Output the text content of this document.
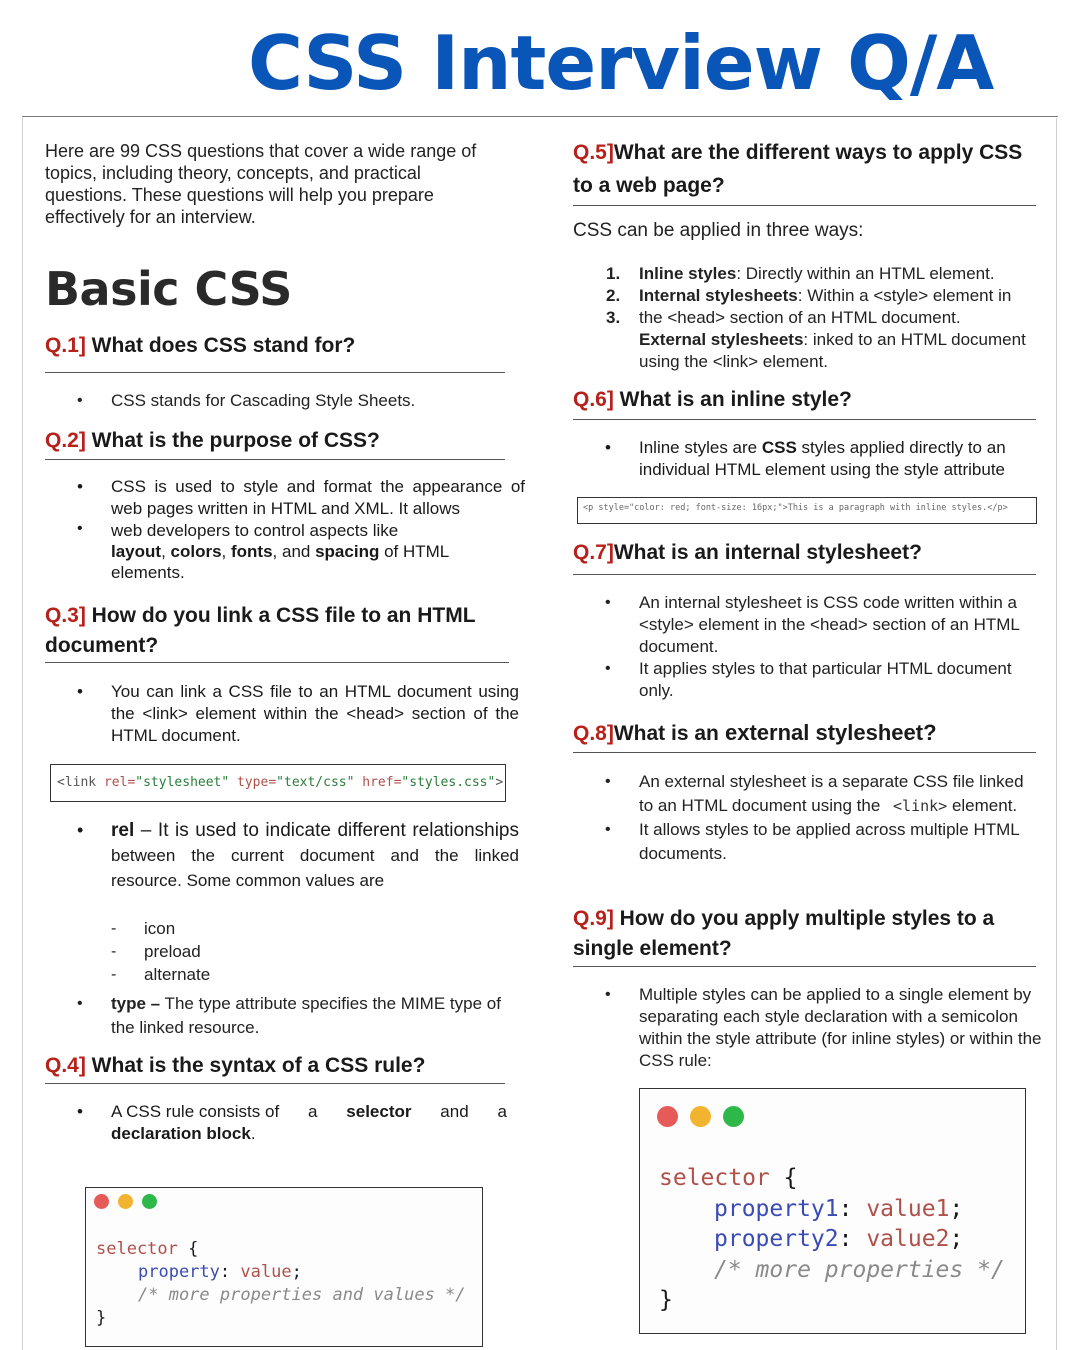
CSS Interview Q/A
Here are 99 CSS questions that cover a wide range of topics, including theory, concepts, and practical questions. These questions will help you prepare effectively for an interview.
Basic CSS
Q.1] What does CSS stand for?
• CSS stands for Cascading Style Sheets.
Q.2] What is the purpose of CSS?
• CSS is used to style and format the appearance of web pages written in HTML and XML. It allows
•	web developers to control aspects like
layout, colors, fonts, and spacing of HTML elements.
Q.3] How do you link a CSS file to an HTML document?
• You can link a CSS file to an HTML document using the <link> element within the <head> section of the HTML document.
<link rel="stylesheet" type="text/css" href="styles.css">
• rel – It is used to indicate different relationships
between the current document and the linked resource. Some common values are
- icon
- preload
- alternate
• type – The type attribute specifies the MIME type of the linked resource.
Q.4] What is the syntax of a CSS rule?
• A CSS rule consists of a selector and a
declaration block.
selector {
property: value;
/* more properties and values */
}
Q.5]What are the different ways to apply CSS to a web page?
CSS can be applied in three ways:
1. Inline styles: Directly within an HTML element.
2. Internal stylesheets: Within a <style> element in
3. the <head> section of an HTML document.
External stylesheets: inked to an HTML document using the <link> element.
Q.6] What is an inline style?
• Inline styles are CSS styles applied directly to an individual HTML element using the style attribute
<p style="color: red; font-size: 16px;">This is a paragraph with inline styles.</p>
Q.7]What is an internal stylesheet?
• An internal stylesheet is CSS code written within a <style> element in the <head> section of an HTML document.
• It applies styles to that particular HTML document only.
Q.8]What is an external stylesheet?
• An external stylesheet is a separate CSS file linked to an HTML document using the <link> element.
• It allows styles to be applied across multiple HTML documents.
Q.9] How do you apply multiple styles to a single element?
• Multiple styles can be applied to a single element by separating each style declaration with a semicolon within the style attribute (for inline styles) or within the CSS rule:
selector {
property1: value1;
property2: value2;
/* more properties */
}
